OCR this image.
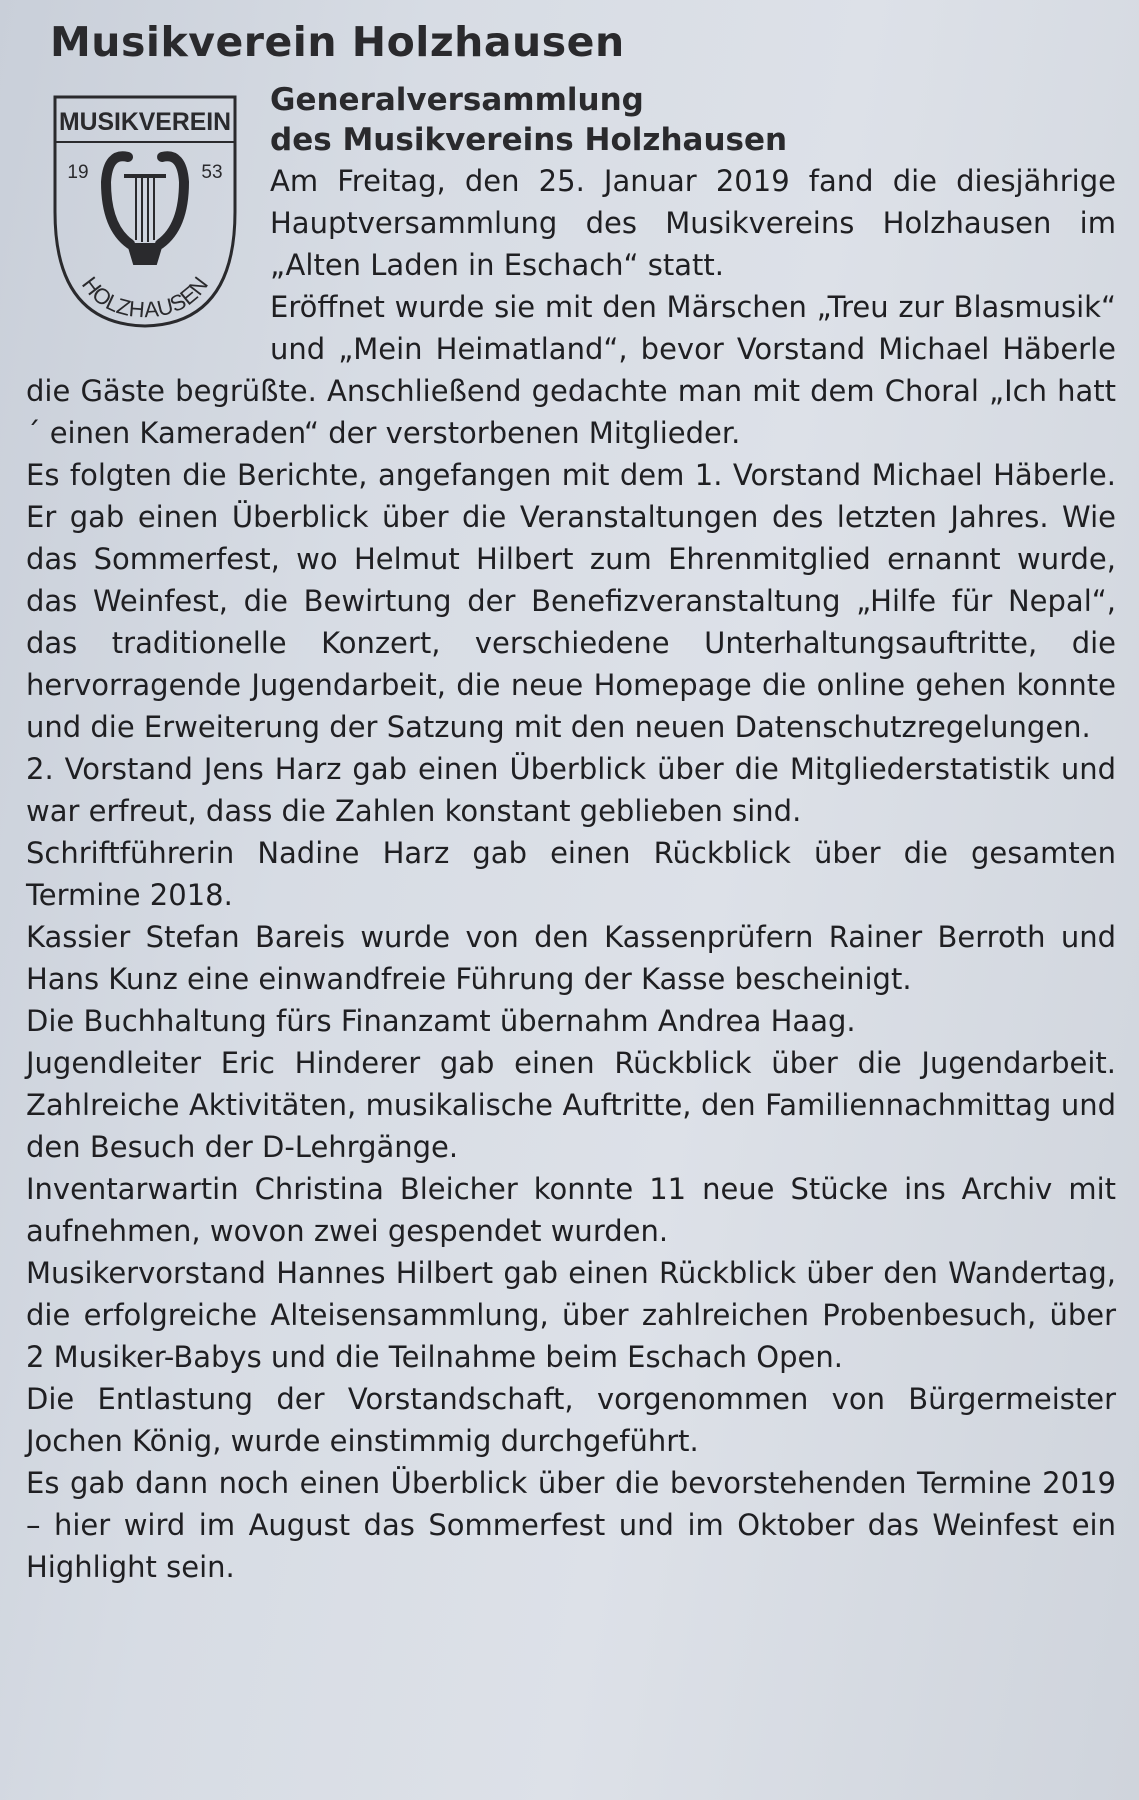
Musikverein Holzhausen
MUSIKVEREIN
19	53
HOLZHAUSEN

Generalversammlung

des Musikvereins Holzhausen

Am Freitag, den 25. Januar 2019 fand die diesjährige Hauptversammlung des Musikvereins Holzhausen im „Alten Laden in Eschach“ statt.

Eröffnet wurde sie mit den Märschen „Treu zur Blasmusik“ und „Mein Heimatland“, bevor Vorstand Michael Häberle die Gäste begrüßte. Anschließend gedachte man mit dem Choral „Ich hatt´ einen Kameraden“ der verstorbenen Mitglieder.

Es folgten die Berichte, angefangen mit dem 1. Vorstand Michael Häberle. Er gab einen Überblick über die Veranstaltungen des letzten Jahres. Wie das Sommerfest, wo Helmut Hilbert zum Ehrenmitglied ernannt wurde, das Weinfest, die Bewirtung der Benefizveranstaltung „Hilfe für Nepal“, das traditionelle Konzert, verschiedene Unterhaltungsauftritte, die hervorragende Jugendarbeit, die neue Homepage die online gehen konnte und die Erweiterung der Satzung mit den neuen Datenschutzregelungen.

2. Vorstand Jens Harz gab einen Überblick über die Mitgliederstatistik und war erfreut, dass die Zahlen konstant geblieben sind.

Schriftführerin Nadine Harz gab einen Rückblick über die gesamten Termine 2018.

Kassier Stefan Bareis wurde von den Kassenprüfern Rainer Berroth und Hans Kunz eine einwandfreie Führung der Kasse bescheinigt.

Die Buchhaltung fürs Finanzamt übernahm Andrea Haag.

Jugendleiter Eric Hinderer gab einen Rückblick über die Jugendarbeit. Zahlreiche Aktivitäten, musikalische Auftritte, den Familiennachmittag und den Besuch der D-Lehrgänge.

Inventarwartin Christina Bleicher konnte 11 neue Stücke ins Archiv mit aufnehmen, wovon zwei gespendet wurden.

Musikervorstand Hannes Hilbert gab einen Rückblick über den Wandertag, die erfolgreiche Alteisensammlung, über zahlreichen Probenbesuch, über 2 Musiker-Babys und die Teilnahme beim Eschach Open.

Die Entlastung der Vorstandschaft, vorgenommen von Bürgermeister Jochen König, wurde einstimmig durchgeführt.

Es gab dann noch einen Überblick über die bevorstehenden Termine 2019 – hier wird im August das Sommerfest und im Oktober das Weinfest ein Highlight sein.
